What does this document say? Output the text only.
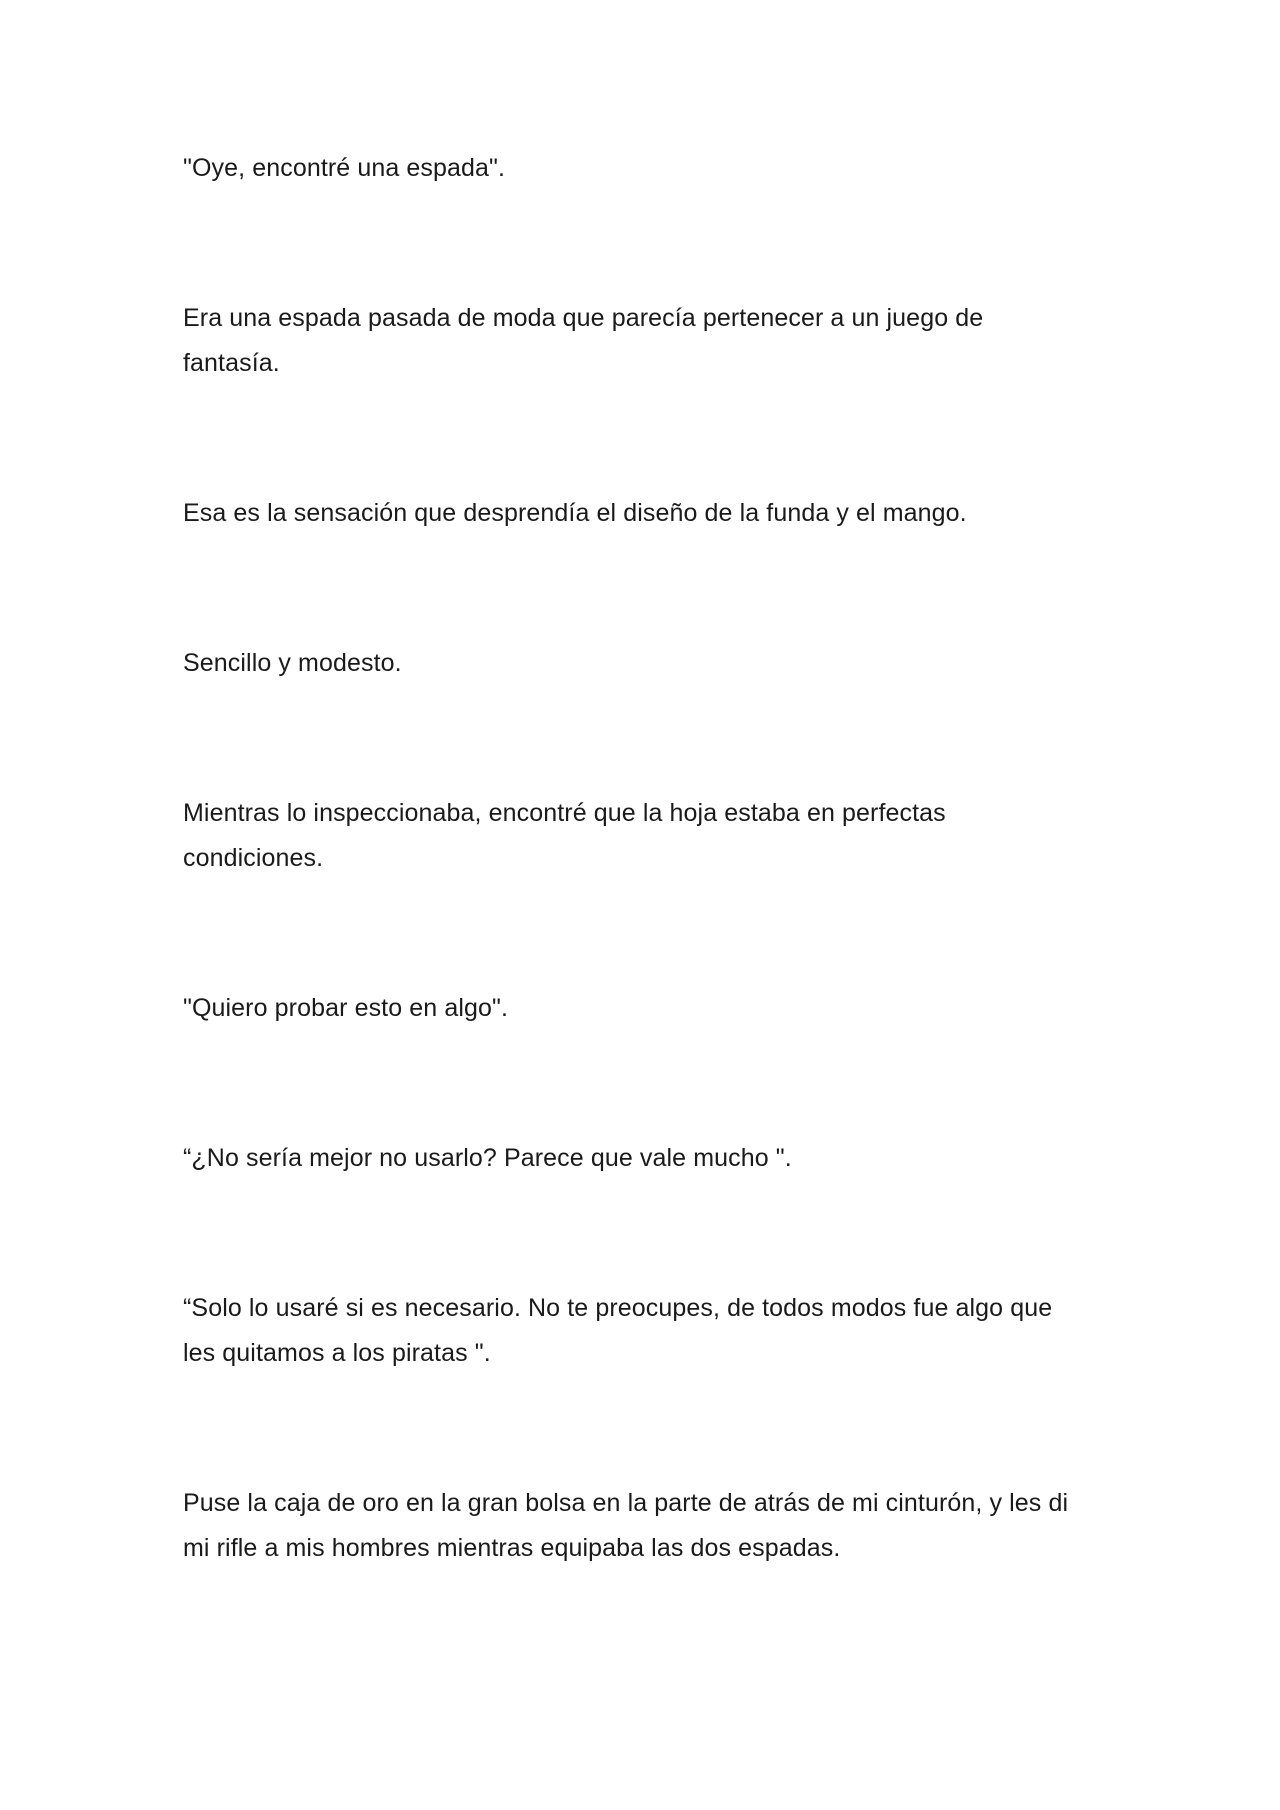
"Oye, encontré una espada".

Era una espada pasada de moda que parecía pertenecer a un juego de
fantasía.

Esa es la sensación que desprendía el diseño de la funda y el mango.

Sencillo y modesto.

Mientras lo inspeccionaba, encontré que la hoja estaba en perfectas
condiciones.

"Quiero probar esto en algo".

“¿No sería mejor no usarlo? Parece que vale mucho ".

“Solo lo usaré si es necesario. No te preocupes, de todos modos fue algo que
les quitamos a los piratas ".

Puse la caja de oro en la gran bolsa en la parte de atrás de mi cinturón, y les di
mi rifle a mis hombres mientras equipaba las dos espadas.
